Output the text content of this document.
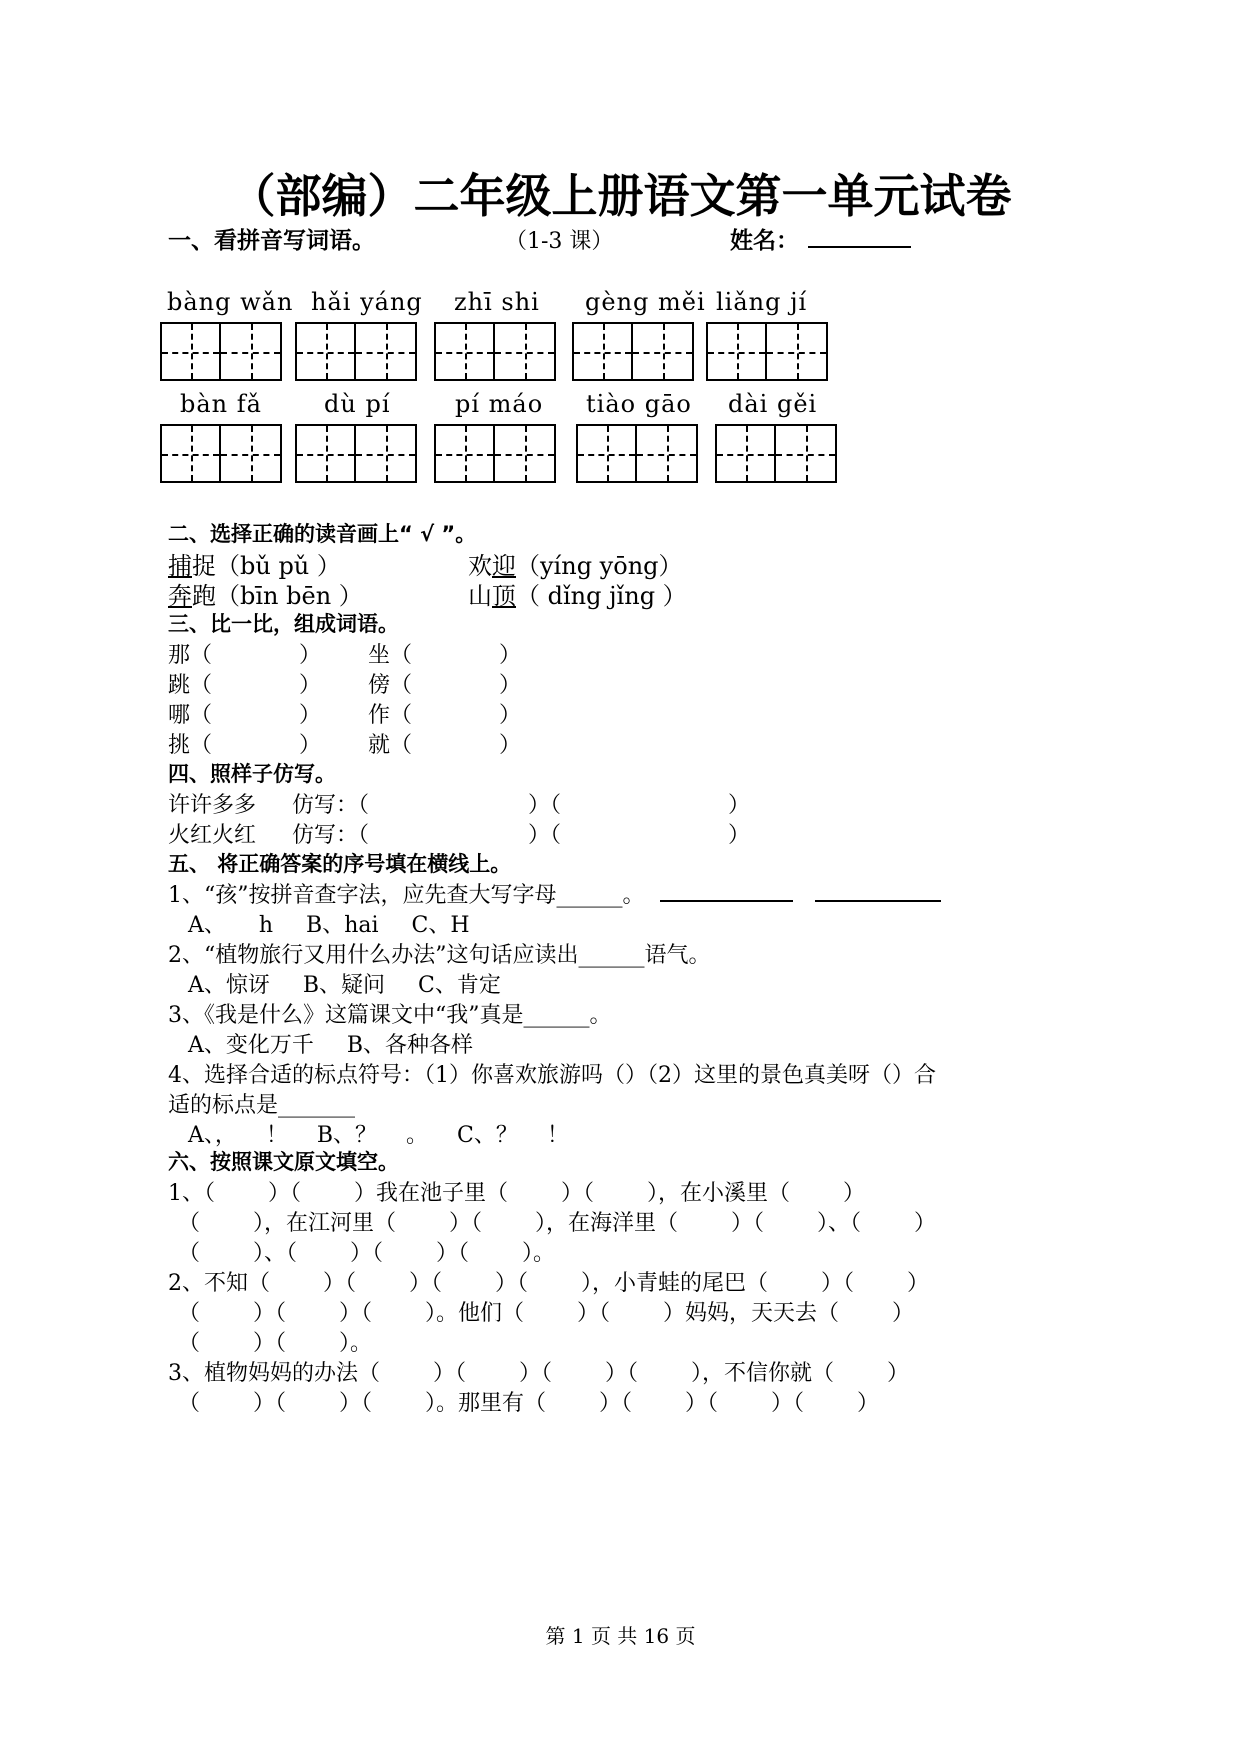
（部编）二年级上册语文第一单元试卷
一、看拼音写词语。	（1-3 课）	姓名：
bàng wǎn hǎi yáng zhī shi gèng měi liǎng jí
bàn fǎ	dù pí	pí máo tiào gāo dài gěi
二、选择正确的读音画上“ √ ”。
捕捉（bǔ pǔ ）	欢迎（yíng yōng）
奔跑（bīn bēn ）	山顶（ dǐng jǐng ）
三、比一比，组成词语。
那（ ） 坐（ ）
跳（ ） 傍（ ）
哪（ ） 作（ ）
挑（ ） 就（ ）
四、照样子仿写。
许许多多 仿写：（	）（	）
火红火红 仿写：（	）（	）
五、 将正确答案的序号填在横线上。
1、“孩”按拼音查字法，应先查大写字母______。
A、 h B、hai C、H
2、“植物旅行又用什么办法”这句话应读出______语气。
A、惊讶 B、疑问 C、肯定
3、《我是什么》这篇课文中“我”真是______。
A、变化万千 B、各种各样
4、选择合适的标点符号：（1）你喜欢旅游吗（）（2）这里的景色真美呀（）合
适的标点是_______
A、， ！ B、？ 。 C、？ ！
六、按照课文原文填空。
1、（ ）（ ）我在池子里（ ）（ ），在小溪里（ ）
（ ），在江河里（ ）（ ），在海洋里（ ）（ ）、（ ）
（ ）、（ ）（ ）（ ）。
2、不知（ ）（ ）（ ）（ ），小青蛙的尾巴（ ）（ ）
（ ）（ ）（ ）。他们（ ）（ ）妈妈，天天去（ ）
（ ）（ ）。
3、植物妈妈的办法（ ）（ ）（ ）（ ），不信你就（ ）
（ ）（ ）（ ）。那里有（ ）（ ）（ ）（ ）
第 1 页 共 16 页
